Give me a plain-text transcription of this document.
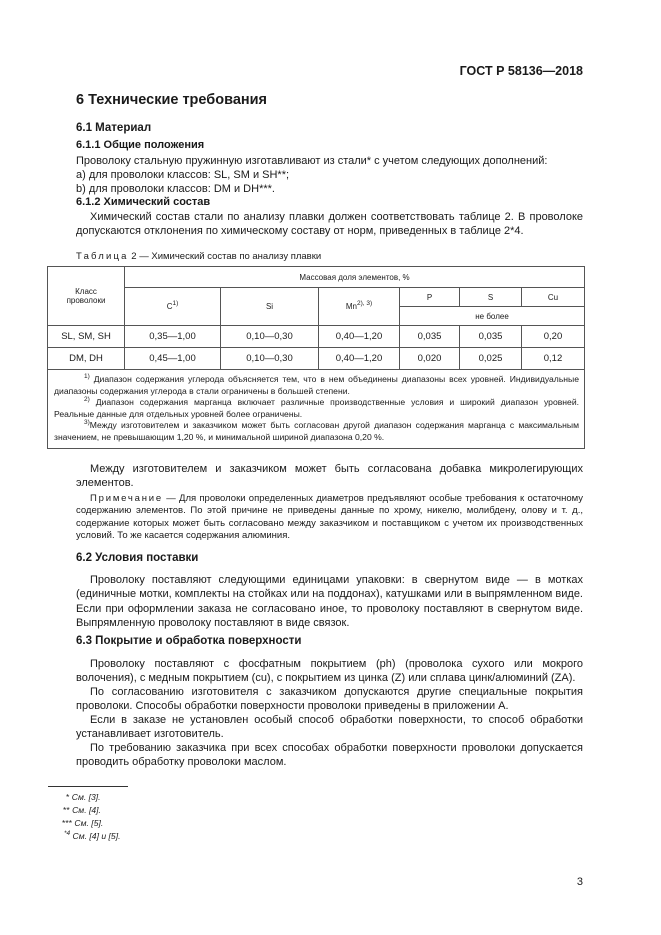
ГОСТ Р 58136—2018
6 Технические требования
6.1 Материал
6.1.1 Общие положения
Проволоку стальную пружинную изготавливают из стали* с учетом следующих дополнений:
а) для проволоки классов: SL, SM и SH**;
b) для проволоки классов: DM и DH***.
6.1.2 Химический состав
Химический состав стали по анализу плавки должен соответствовать таблице 2. В проволоке допускаются отклонения по химическому составу от норм, приведенных в таблице 2*4.
Таблица 2 — Химический состав по анализу плавки
Класс проволоки	Массовая доля элементов, %					
	$C^{1)}$	Si	$Mn^{2), 3)}$	P	S	Cu
				не более		
SL, SM, SH	0,35—1,00	0,10—0,30	0,40—1,20	0,035	0,035	0,20
DM, DH	0,45—1,00	0,10—0,30	0,40—1,20	0,020	0,025	0,12

$^{1)}$ Диапазон содержания углерода объясняется тем, что в нем объединены диапазоны всех уровней. Индивидуальные диапазоны содержания углерода в стали ограничены в большей степени.

$^{2)}$ Диапазон содержания марганца включает различные производственные условия и широкий диапазон уровней. Реальные данные для отдельных уровней более ограничены.

$^{3)}$Между изготовителем и заказчиком может быть согласован другой диапазон содержания марганца с максимальным значением, не превышающим 1,20 %, и минимальной шириной диапазона 0,20 %.						

Между изготовителем и заказчиком может быть согласована добавка микролегирующих элементов.
Примечание — Для проволоки определенных диаметров предъявляют особые требования к остаточному содержанию элементов. По этой причине не приведены данные по хрому, никелю, молибдену, олову и т. д., содержание которых может быть согласовано между заказчиком и поставщиком с учетом их производственных условий. То же касается содержания алюминия.
6.2 Условия поставки
Проволоку поставляют следующими единицами упаковки: в свернутом виде — в мотках (единичные мотки, комплекты на стойках или на поддонах), катушками или в выпрямленном виде. Если при оформлении заказа не согласовано иное, то проволоку поставляют в свернутом виде. Выпрямленную проволоку поставляют в виде связок.
6.3 Покрытие и обработка поверхности
Проволоку поставляют с фосфатным покрытием (ph) (проволока сухого или мокрого волочения), с медным покрытием (cu), с покрытием из цинка (Z) или сплава цинк/алюминий (ZA).
По согласованию изготовителя с заказчиком допускаются другие специальные покрытия проволоки. Способы обработки поверхности проволоки приведены в приложении А.
Если в заказе не установлен особый способ обработки поверхности, то способ обработки устанавливает изготовитель.
По требованию заказчика при всех способах обработки поверхности проволоки допускается проводить обработку проволоки маслом.
* См. [3].
** См. [4].
*** См. [5].
$^{*4}$ См. [4] и [5].
3
